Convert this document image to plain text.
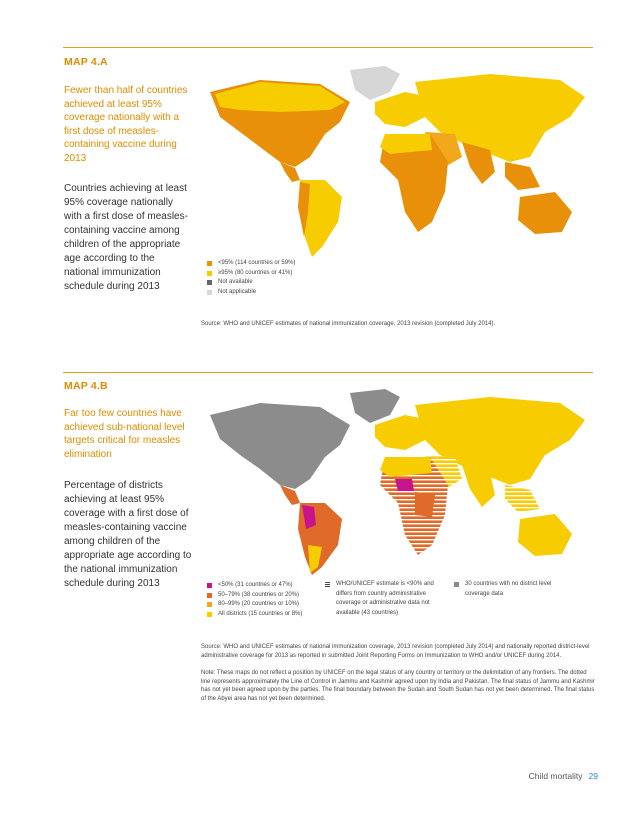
MAP 4.A
Fewer than half of countries achieved at least 95% coverage nationally with a first dose of measles-containing vaccine during 2013
Countries achieving at least 95% coverage nationally with a first dose of measles-containing vaccine among children of the appropriate age according to the national immunization schedule during 2013
<95% (114 countries or 59%)
≥95% (80 countries or 41%)
Not available
Not applicable
Source: WHO and UNICEF estimates of national immunization coverage, 2013 revision (completed July 2014).
MAP 4.B
Far too few countries have achieved sub-national level targets critical for measles elimination
Percentage of districts achieving at least 95% coverage with a first dose of measles-containing vaccine among children of the appropriate age according to the national immunization schedule during 2013	<50% (31 countries or 47%)
50–79% (38 countries or 20%)
80–99% (20 countries or 10%)
All districts (15 countries or 8%)
WHO/UNICEF estimate is <90% and differs from country administrative coverage or administrative data not available (43 countries)
30 countries with no district level coverage data
Source: WHO and UNICEF estimates of national immunization coverage, 2013 revision (completed July 2014) and nationally reported district-level administrative coverage for 2013 as reported in submitted Joint Reporting Forms on Immunization to WHO and/or UNICEF during 2014.
Note: These maps do not reflect a position by UNICEF on the legal status of any country or territory or the delimitation of any frontiers. The dotted line represents approximately the Line of Control in Jammu and Kashmir agreed upon by India and Pakistan. The final status of Jammu and Kashmir has not yet been agreed upon by the parties. The final boundary between the Sudan and South Sudan has not yet been determined. The final status of the Abyei area has not yet been determined.
Child mortality 29
